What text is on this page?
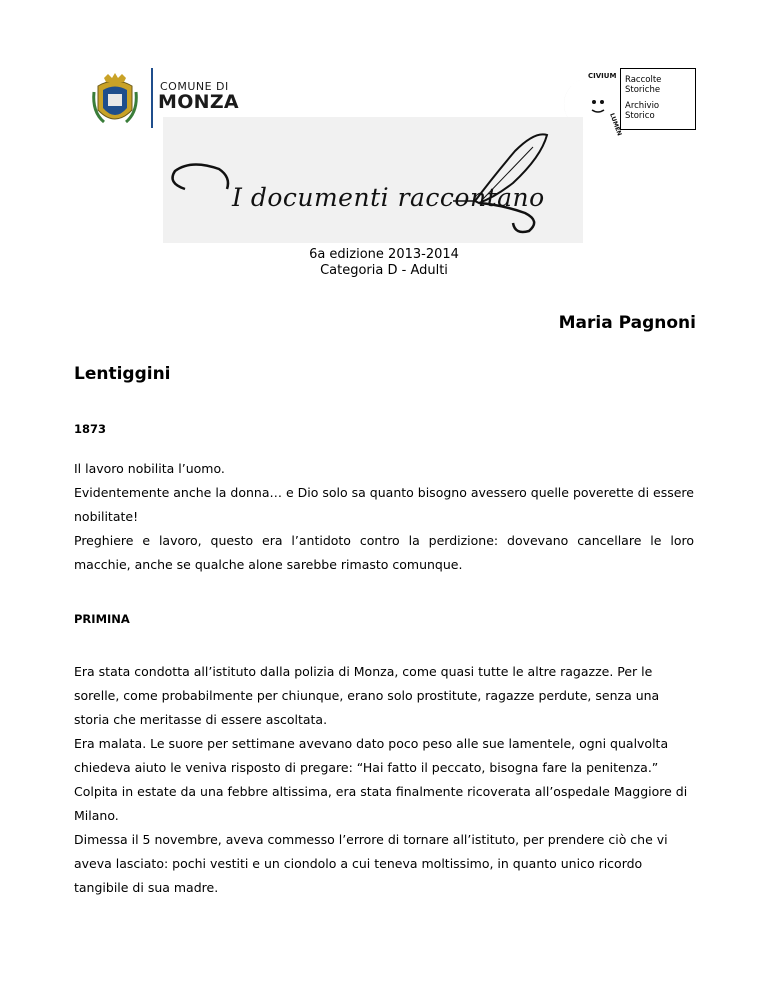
COMUNE DI
MONZA
CIVIUM
LUMEN
Raccolte
Storiche
Archivio
Storico
I documenti raccontano
6a edizione 2013-2014
Categoria D - Adulti
Maria Pagnoni
Lentiggini
1873

Il lavoro nobilita l’uomo.

Evidentemente anche la donna… e Dio solo sa quanto bisogno avessero quelle poverette di essere nobilitate!

Preghiere e lavoro, questo era l’antidoto contro la perdizione: dovevano cancellare le loro macchie, anche se qualche alone sarebbe rimasto comunque.

PRIMINA

Era stata condotta all’istituto dalla polizia di Monza, come quasi tutte le altre ragazze. Per le sorelle, come probabilmente per chiunque, erano solo prostitute, ragazze perdute, senza una storia che meritasse di essere ascoltata.

Era malata. Le suore per settimane avevano dato poco peso alle sue lamentele, ogni qualvolta chiedeva aiuto le veniva risposto di pregare: “Hai fatto il peccato, bisogna fare la penitenza.”

Colpita in estate da una febbre altissima, era stata finalmente ricoverata all’ospedale Maggiore di Milano.

Dimessa il 5 novembre, aveva commesso l’errore di tornare all’istituto, per prendere ciò che vi aveva lasciato: pochi vestiti e un ciondolo a cui teneva moltissimo, in quanto unico ricordo tangibile di sua madre.
